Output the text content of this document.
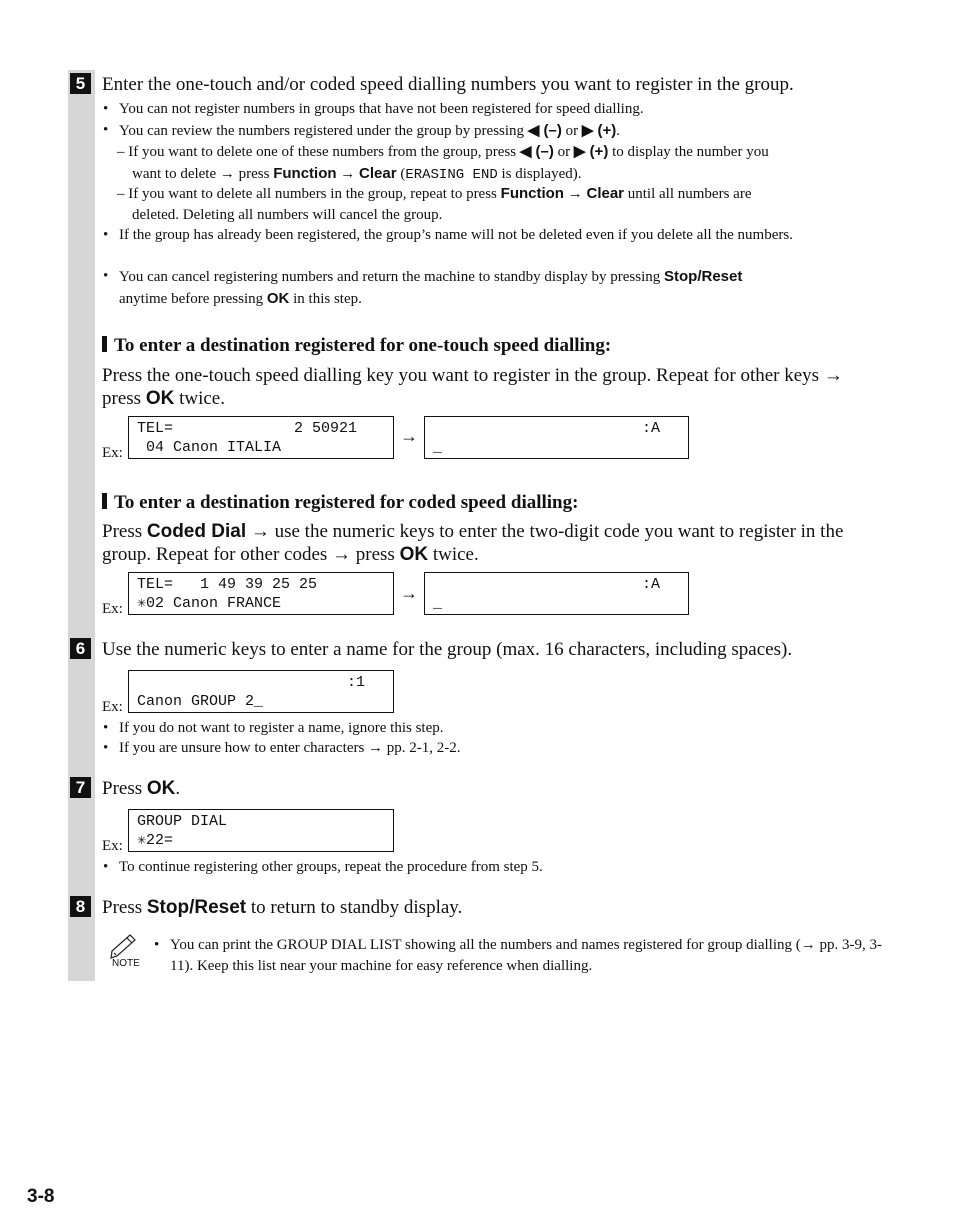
5 Enter the one-touch and/or coded speed dialling numbers you want to register in the group.
• You can not register numbers in groups that have not been registered for speed dialling.
• You can review the numbers registered under the group by pressing ◀ (–) or ▶ (+).
– If you want to delete one of these numbers from the group, press ◀ (–) or ▶ (+) to display the number you
want to delete → press Function → Clear (ERASING END is displayed).
– If you want to delete all numbers in the group, repeat to press Function → Clear until all numbers are
deleted. Deleting all numbers will cancel the group.
• If the group has already been registered, the group’s name will not be deleted even if you delete all the numbers.
• You can cancel registering numbers and return the machine to standby display by pressing Stop/Reset
anytime before pressing OK in this step.
To enter a destination registered for one-touch speed dialling:
Press the one-touch speed dialling key you want to register in the group. Repeat for other keys → press OK twice.
Ex:
TEL=	2 50921
04 Canon ITALIA
→	:A
_
To enter a destination registered for coded speed dialling:
Press Coded Dial → use the numeric keys to enter the two-digit code you want to register in the group. Repeat for other codes → press OK twice.
Ex:
TEL=   1 49 39 25 25
✳02 Canon FRANCE
→	:A
_
6 Use the numeric keys to enter a name for the group (max. 16 characters, including spaces).
Ex:
:1
Canon GROUP 2_
• If you do not want to register a name, ignore this step.
• If you are unsure how to enter characters → pp. 2-1, 2-2.
7 Press OK.
Ex:
GROUP DIAL
✳22=
• To continue registering other groups, repeat the procedure from step 5.
8 Press Stop/Reset to return to standby display.
NOTE
• You can print the GROUP DIAL LIST showing all the numbers and names registered for group dialling (→ pp. 3-9, 3-11). Keep this list near your machine for easy reference when dialling.
3-8
